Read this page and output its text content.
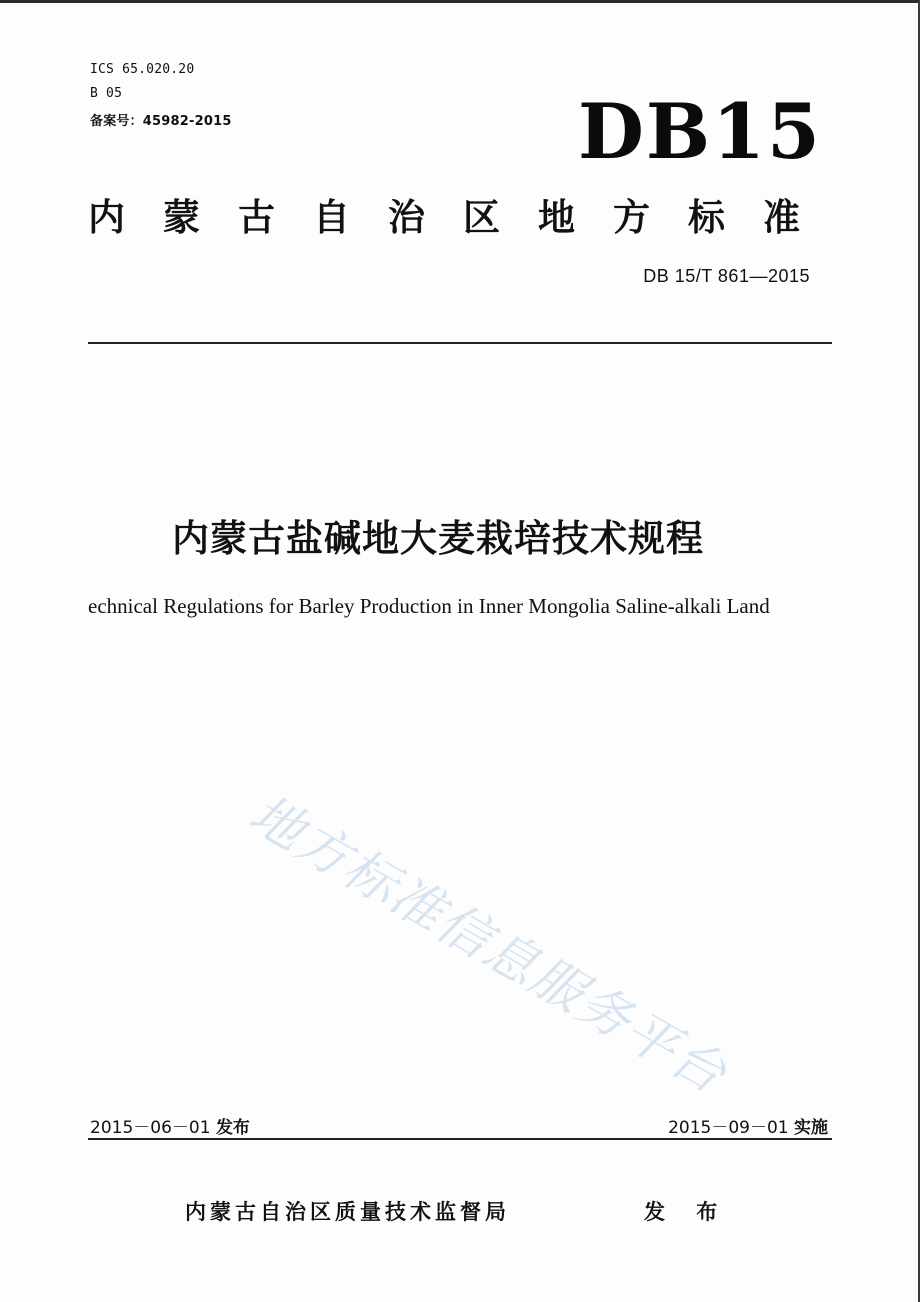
ICS 65.020.20
B 05
备案号：45982-2015	DB15
内蒙古自治区地方标准
DB 15/T 861—2015
内蒙古盐碱地大麦栽培技术规程
echnical Regulations for Barley Production in Inner Mongolia Saline-alkali Land
地方标准信息服务平台
2015－06－01 发布	2015－09－01 实施
内蒙古自治区质量技术监督局	发 布
